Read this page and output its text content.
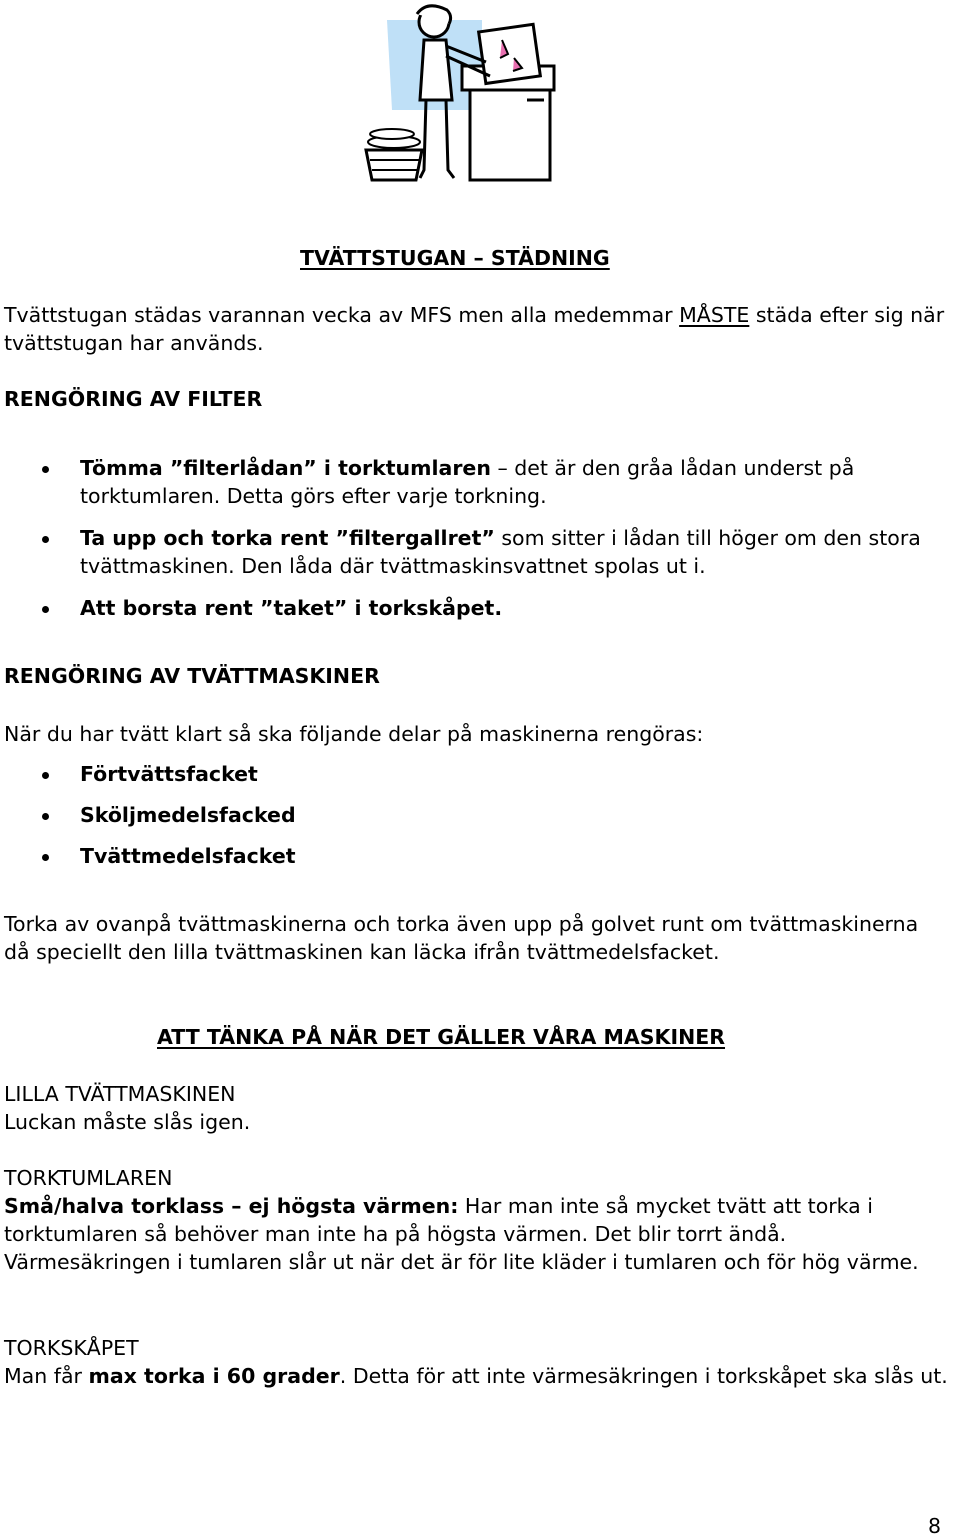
TVÄTTSTUGAN – STÄDNING
Tvättstugan städas varannan vecka av MFS men alla medemmar MÅSTE städa efter sig när tvättstugan har används.
RENGÖRING AV FILTER
Tömma ”filterlådan” i torktumlaren – det är den gråa lådan underst på torktumlaren. Detta görs efter varje torkning.
Ta upp och torka rent ”filtergallret” som sitter i lådan till höger om den stora tvättmaskinen. Den låda där tvättmaskinsvattnet spolas ut i.
Att borsta rent ”taket” i torkskåpet.
RENGÖRING AV TVÄTTMASKINER
När du har tvätt klart så ska följande delar på maskinerna rengöras:
Förtvättsfacket
Sköljmedelsfacked
Tvättmedelsfacket
Torka av ovanpå tvättmaskinerna och torka även upp på golvet runt om tvättmaskinerna då speciellt den lilla tvättmaskinen kan läcka ifrån tvättmedelsfacket.
ATT TÄNKA PÅ NÄR DET GÄLLER VÅRA MASKINER
LILLA TVÄTTMASKINEN
Luckan måste slås igen.
TORKTUMLAREN
Små/halva torklass – ej högsta värmen: Har man inte så mycket tvätt att torka i torktumlaren så behöver man inte ha på högsta värmen. Det blir torrt ändå. Värmesäkringen i tumlaren slår ut när det är för lite kläder i tumlaren och för hög värme.
TORKSKÅPET
Man får max torka i 60 grader. Detta för att inte värmesäkringen i torkskåpet ska slås ut.
8
